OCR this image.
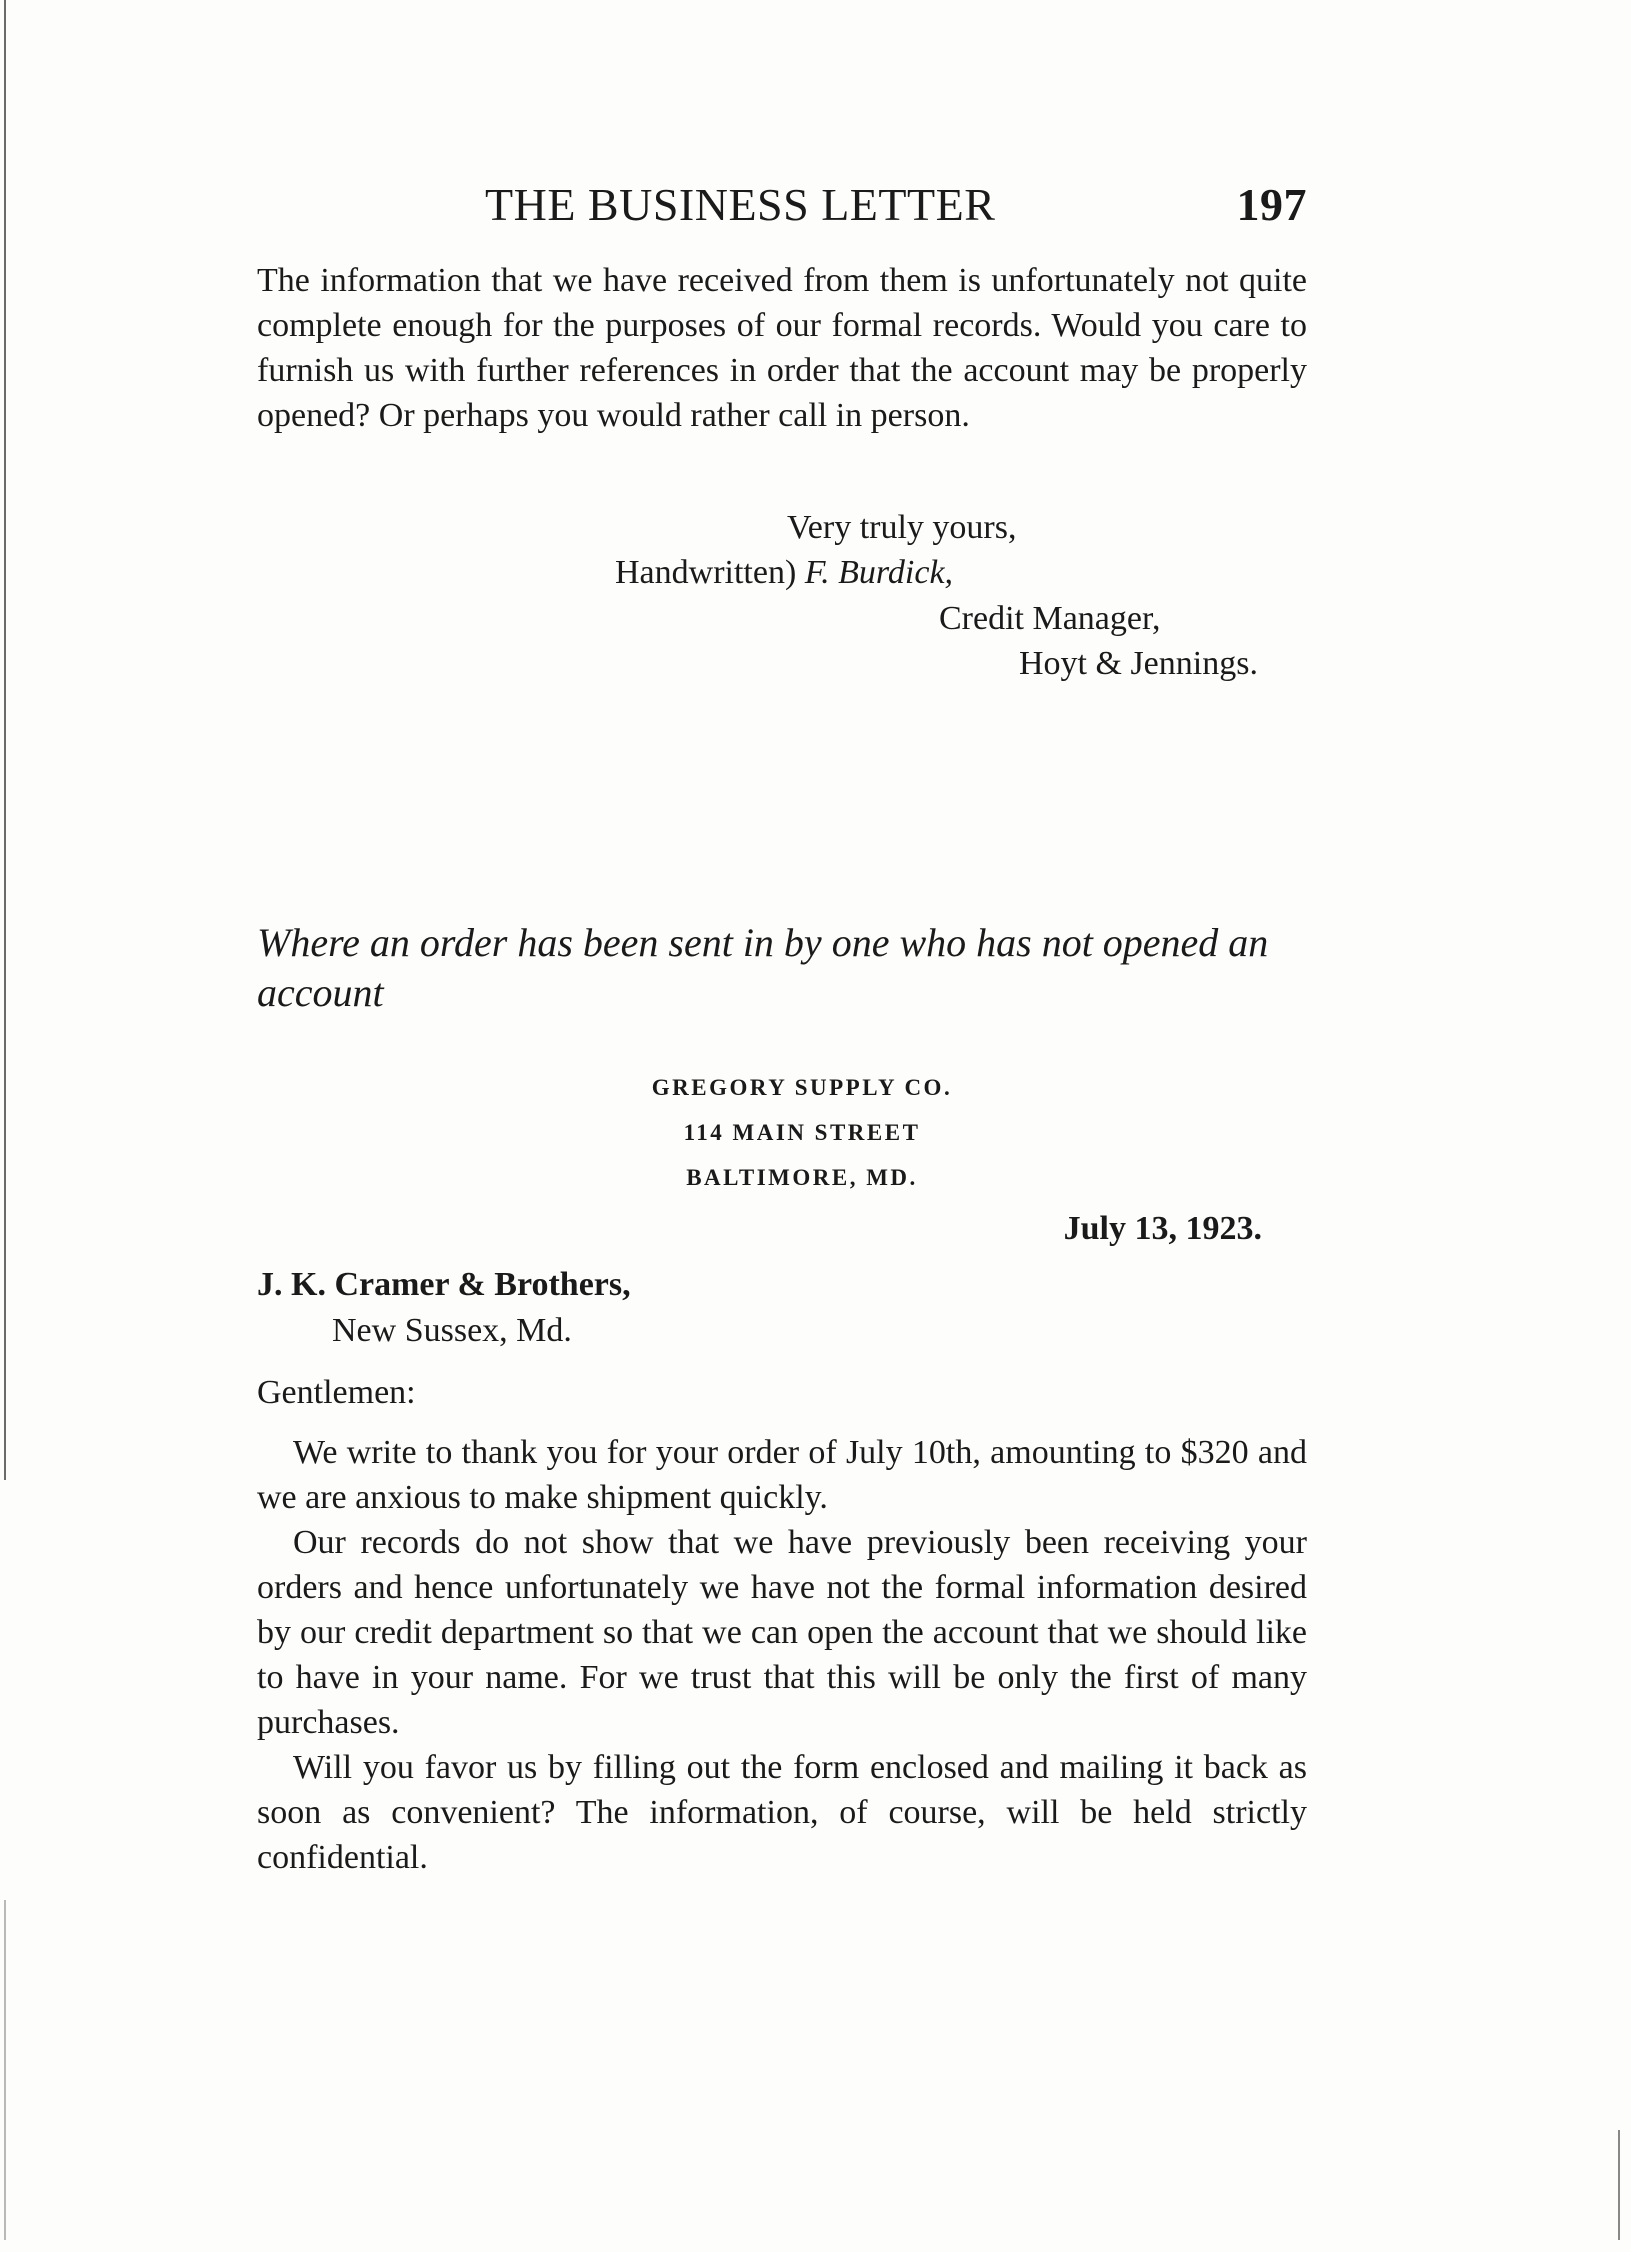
THE BUSINESS LETTER	197

The information that we have received from them is unfortunately not quite complete enough for the purposes of our formal records. Would you care to furnish us with further references in order that the account may be properly opened? Or perhaps you would rather call in person.

Very truly yours,
Handwritten) F. Burdick,
Credit Manager,
Hoyt & Jennings.
Where an order has been sent in by one who has not opened an account
GREGORY SUPPLY CO.
114 MAIN STREET
BALTIMORE, MD.
July 13, 1923.
J. K. Cramer & Brothers,
New Sussex, Md.
Gentlemen:

We write to thank you for your order of July 10th, amounting to $320 and we are anxious to make shipment quickly.

Our records do not show that we have previously been receiving your orders and hence unfortunately we have not the formal information desired by our credit department so that we can open the account that we should like to have in your name. For we trust that this will be only the first of many purchases.

Will you favor us by filling out the form enclosed and mailing it back as soon as convenient? The information, of course, will be held strictly confidential.
